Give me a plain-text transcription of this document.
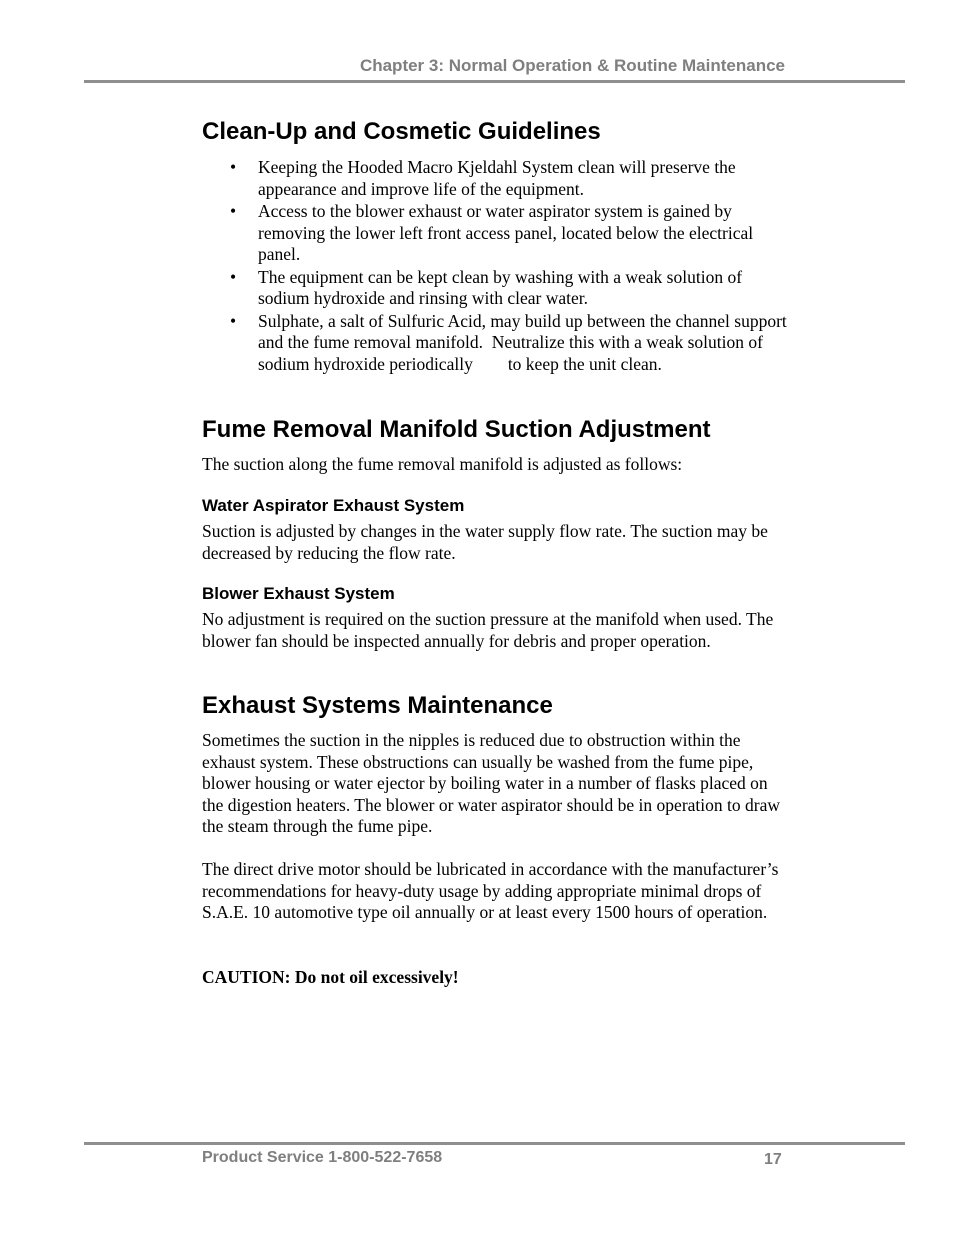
Chapter 3: Normal Operation & Routine Maintenance
Clean-Up and Cosmetic Guidelines
• Keeping the Hooded Macro Kjeldahl System clean will preserve the appearance and improve life of the equipment.
• Access to the blower exhaust or water aspirator system is gained by removing the lower left front access panel, located below the electrical panel.
• The equipment can be kept clean by washing with a weak solution of sodium hydroxide and rinsing with clear water.
• Sulphate, a salt of Sulfuric Acid, may build up between the channel support and the fume removal manifold.  Neutralize this with a weak solution of sodium hydroxide periodically        to keep the unit clean.
Fume Removal Manifold Suction Adjustment

The suction along the fume removal manifold is adjusted as follows:

Water Aspirator Exhaust System

Suction is adjusted by changes in the water supply flow rate. The suction may be decreased by reducing the flow rate.

Blower Exhaust System

No adjustment is required on the suction pressure at the manifold when used. The blower fan should be inspected annually for debris and proper operation.

Exhaust Systems Maintenance

Sometimes the suction in the nipples is reduced due to obstruction within the exhaust system. These obstructions can usually be washed from the fume pipe, blower housing or water ejector by boiling water in a number of flasks placed on the digestion heaters. The blower or water aspirator should be in operation to draw the steam through the fume pipe.

The direct drive motor should be lubricated in accordance with the manufacturer’s recommendations for heavy-duty usage by adding appropriate minimal drops of S.A.E. 10 automotive type oil annually or at least every 1500 hours of operation.

CAUTION: Do not oil excessively!

Product Service 1-800-522-7658	17
